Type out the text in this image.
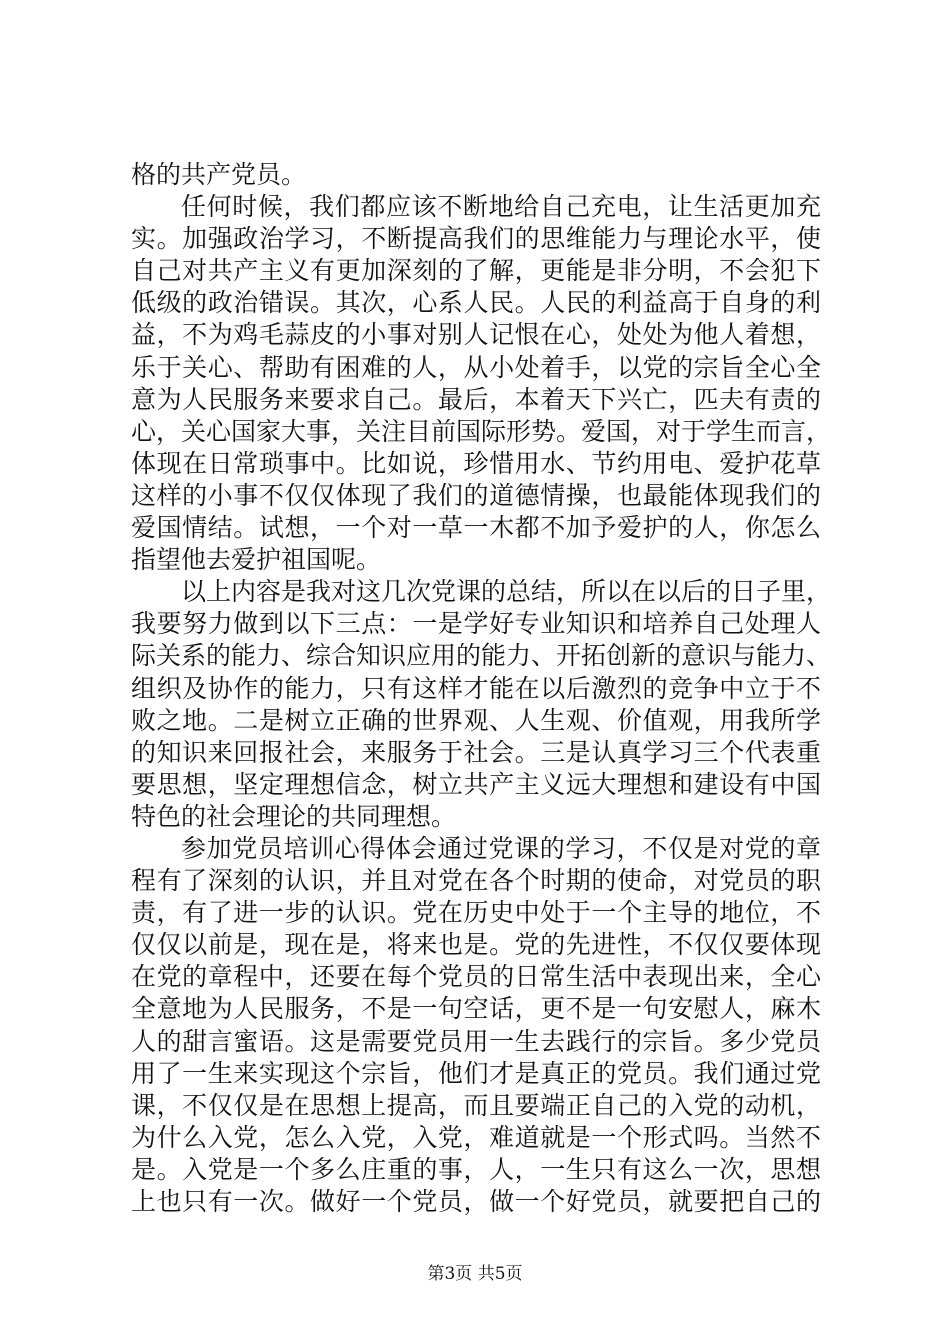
格的共产党员。
任何时候，我们都应该不断地给自己充电，让生活更加充
实。加强政治学习，不断提高我们的思维能力与理论水平，使
自己对共产主义有更加深刻的了解，更能是非分明，不会犯下
低级的政治错误。其次，心系人民。人民的利益高于自身的利
益，不为鸡毛蒜皮的小事对别人记恨在心，处处为他人着想，
乐于关心、帮助有困难的人，从小处着手，以党的宗旨全心全
意为人民服务来要求自己。最后，本着天下兴亡，匹夫有责的
心，关心国家大事，关注目前国际形势。爱国，对于学生而言，
体现在日常琐事中。比如说，珍惜用水、节约用电、爱护花草
这样的小事不仅仅体现了我们的道德情操，也最能体现我们的
爱国情结。试想，一个对一草一木都不加予爱护的人，你怎么
指望他去爱护祖国呢。
以上内容是我对这几次党课的总结，所以在以后的日子里，
我要努力做到以下三点：一是学好专业知识和培养自己处理人
际关系的能力、综合知识应用的能力、开拓创新的意识与能力、
组织及协作的能力，只有这样才能在以后激烈的竞争中立于不
败之地。二是树立正确的世界观、人生观、价值观，用我所学
的知识来回报社会，来服务于社会。三是认真学习三个代表重
要思想，坚定理想信念，树立共产主义远大理想和建设有中国
特色的社会理论的共同理想。
参加党员培训心得体会通过党课的学习，不仅是对党的章
程有了深刻的认识，并且对党在各个时期的使命，对党员的职
责，有了进一步的认识。党在历史中处于一个主导的地位，不
仅仅以前是，现在是，将来也是。党的先进性，不仅仅要体现
在党的章程中，还要在每个党员的日常生活中表现出来，全心
全意地为人民服务，不是一句空话，更不是一句安慰人，麻木
人的甜言蜜语。这是需要党员用一生去践行的宗旨。多少党员
用了一生来实现这个宗旨，他们才是真正的党员。我们通过党
课，不仅仅是在思想上提高，而且要端正自己的入党的动机，
为什么入党，怎么入党，入党，难道就是一个形式吗。当然不
是。入党是一个多么庄重的事，人，一生只有这么一次，思想
上也只有一次。做好一个党员，做一个好党员，就要把自己的
第3页 共5页
